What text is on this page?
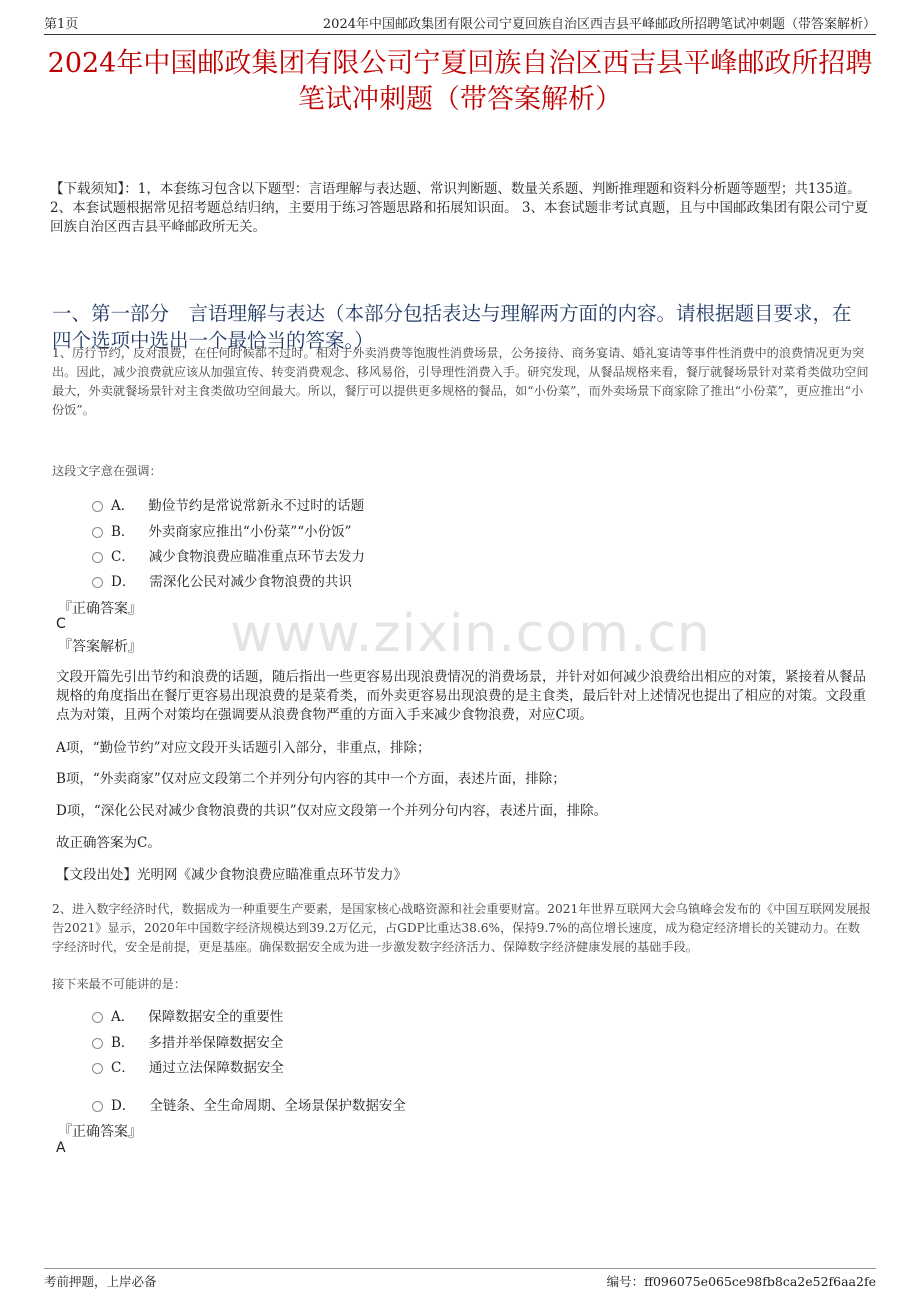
第1页	2024年中国邮政集团有限公司宁夏回族自治区西吉县平峰邮政所招聘笔试冲刺题（带答案解析）
2024年中国邮政集团有限公司宁夏回族自治区西吉县平峰邮政所招聘笔试冲刺题（带答案解析）
【下载须知】：1，本套练习包含以下题型：言语理解与表达题、常识判断题、数量关系题、判断推理题和资料分析题等题型；共135道。 2、本套试题根据常见招考题总结归纳，主要用于练习答题思路和拓展知识面。 3、本套试题非考试真题，且与中国邮政集团有限公司宁夏回族自治区西吉县平峰邮政所无关。
一、第一部分　言语理解与表达（本部分包括表达与理解两方面的内容。请根据题目要求，在四个选项中选出一个最恰当的答案。）
www.zixin.com.cn
1、厉行节约，反对浪费，在任何时候都不过时。相对于外卖消费等饱腹性消费场景，公务接待、商务宴请、婚礼宴请等事件性消费中的浪费情况更为突出。因此，减少浪费就应该从加强宣传、转变消费观念、移风易俗，引导理性消费入手。研究发现，从餐品规格来看，餐厅就餐场景针对菜肴类做功空间最大，外卖就餐场景针对主食类做功空间最大。所以，餐厅可以提供更多规格的餐品，如“小份菜”，而外卖场景下商家除了推出“小份菜”，更应推出“小份饭”。
这段文字意在强调：
A． 勤俭节约是常说常新永不过时的话题
B． 外卖商家应推出“小份菜”“小份饭”
C． 减少食物浪费应瞄准重点环节去发力
D． 需深化公民对减少食物浪费的共识
『正确答案』
C
『答案解析』
文段开篇先引出节约和浪费的话题，随后指出一些更容易出现浪费情况的消费场景，并针对如何减少浪费给出相应的对策，紧接着从餐品规格的角度指出在餐厅更容易出现浪费的是菜肴类，而外卖更容易出现浪费的是主食类，最后针对上述情况也提出了相应的对策。文段重点为对策，且两个对策均在强调要从浪费食物严重的方面入手来减少食物浪费，对应C项。
A项，“勤俭节约”对应文段开头话题引入部分，非重点，排除；
B项，“外卖商家”仅对应文段第二个并列分句内容的其中一个方面，表述片面，排除；
D项，“深化公民对减少食物浪费的共识”仅对应文段第一个并列分句内容，表述片面，排除。
故正确答案为C。
【文段出处】光明网《减少食物浪费应瞄准重点环节发力》
2、进入数字经济时代，数据成为一种重要生产要素，是国家核心战略资源和社会重要财富。2021年世界互联网大会乌镇峰会发布的《中国互联网发展报告2021》显示，2020年中国数字经济规模达到39.2万亿元，占GDP比重达38.6%，保持9.7%的高位增长速度，成为稳定经济增长的关键动力。在数字经济时代，安全是前提，更是基座。确保数据安全成为进一步激发数字经济活力、保障数字经济健康发展的基础手段。
接下来最不可能讲的是：
A． 保障数据安全的重要性
B． 多措并举保障数据安全
C． 通过立法保障数据安全
D． 全链条、全生命周期、全场景保护数据安全
『正确答案』
A
考前押题，上岸必备	编号：ff096075e065ce98fb8ca2e52f6aa2fe
